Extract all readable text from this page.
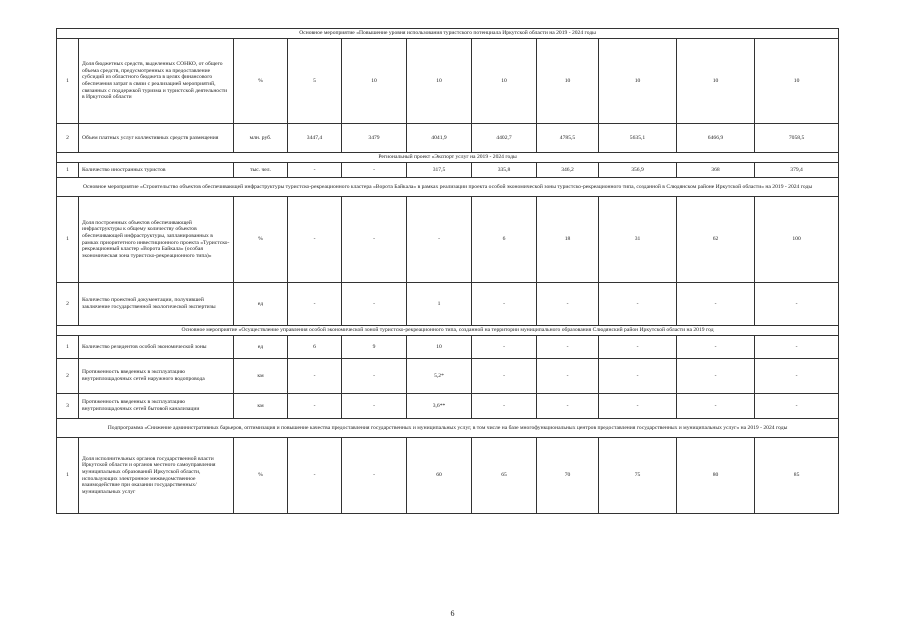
Основное мероприятие «Повышение уровня использования туристского потенциала Иркутской области на 2019 - 2024 годы										
1	Доля бюджетных средств, выделенных СОНКО, от общего объема средств, предусмотренных на предоставление субсидий из областного бюджета в целях финансового обеспечения затрат в связи с реализацией мероприятий, связанных с поддержкой туризма и туристской деятельности в Иркутской области	%	5	10	10	10	10	10	10	10
2	Объем платных услуг коллективных средств размещения	млн. руб.	3447,4	3479	4041,9	4402,7	4785,5	5635,1	6466,9	7058,5
Региональный проект «Экспорт услуг на 2019 - 2024 годы										
1	Количество иностранных туристов	тыс. чел.	-	-	317,5	335,8	346,2	356,9	368	379,4
Основное мероприятие «Строительство объектов обеспечивающей инфраструктуры туристско-рекреационного кластера «Ворота Байкала» в рамках реализации проекта особой экономической зоны туристско-рекреационного типа, созданной в Слюдянском районе Иркутской области» на 2019 - 2024 годы										
1	Доля построенных объектов обеспечивающей инфраструктуры к общему количеству объектов обеспечивающей инфраструктуры, запланированных в рамках приоритетного инвестиционного проекта «Туристско-рекреационный кластер «Ворота Байкала» (особая экономическая зона туристско-рекреационного типа)»	%	-	-	-	6	18	31	62	100
2	Количество проектной документации, получившей заключение государственной экологической экспертизы	ед	-	-	1	-	-	-	-	-
Основное мероприятие «Осуществление управления особой экономической зоной туристско-рекреационного типа, созданной на территории муниципального образования Слюдянский район Иркутской области на 2019 год										
1	Количество резидентов особой экономической зоны	ед	6	9	10	-	-	-	-	-
2	Протяженность введенных в эксплуатацию внутриплощадочных сетей наружного водопровода	км	-	-	5,2*	-	-	-	-	-
3	Протяженность введенных в эксплуатацию внутриплощадочных сетей бытовой канализации	км	-	-	3,6**	-	-	-	-	-
Подпрограмма «Снижение административных барьеров, оптимизация и повышение качества предоставления государственных и муниципальных услуг, в том числе на базе многофункциональных центров предоставления государственных и муниципальных услуг» на 2019 - 2024 годы										
1	Доля исполнительных органов государственной власти Иркутской области и органов местного самоуправления муниципальных образований Иркутской области, использующих электронное межведомственное взаимодействие при оказании государственных/муниципальных услуг	%	-	-	60	65	70	75	80	85
6
